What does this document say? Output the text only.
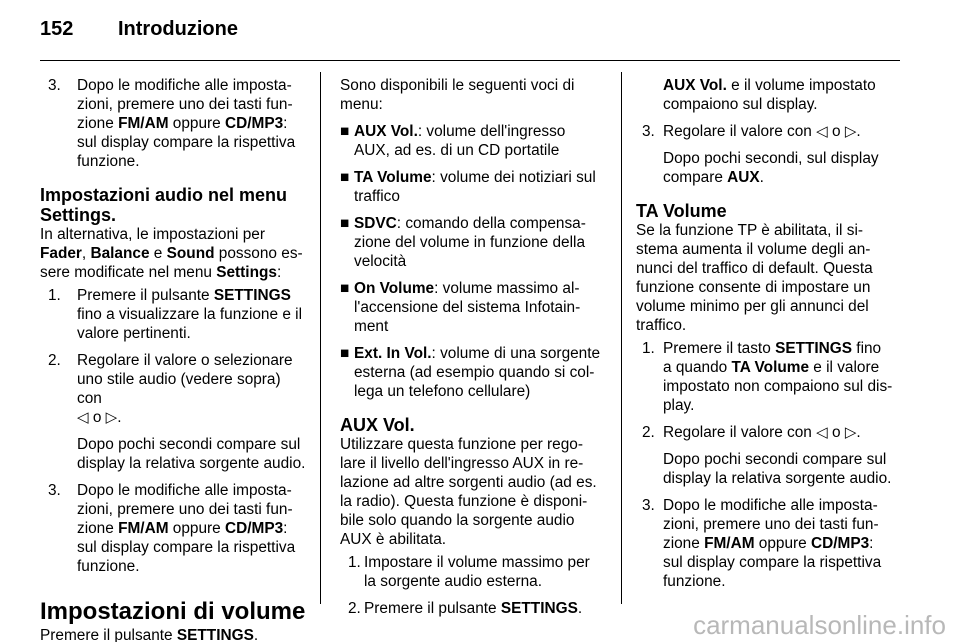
152 Introduzione
3. Dopo le modifiche alle imposta-

zioni, premere uno dei tasti fun-

zione FM/AM oppure CD/MP3:

sul display compare la rispettiva

funzione.

Impostazioni audio nel menu
Settings.

In alternativa, le impostazioni per

Fader, Balance e Sound possono es-

sere modificate nel menu Settings:

1. Premere il pulsante SETTINGS

fino a visualizzare la funzione e il

valore pertinenti.

2. Regolare il valore o selezionare

uno stile audio (vedere sopra) con

◁ o ▷.

Dopo pochi secondi compare sul

display la relativa sorgente audio.

3. Dopo le modifiche alle imposta-

zioni, premere uno dei tasti fun-

zione FM/AM oppure CD/MP3:

sul display compare la rispettiva

funzione.

Impostazioni di volume

Premere il pulsante SETTINGS.

Sono disponibili le seguenti voci di

menu:

■ AUX Vol.: volume dell'ingresso

AUX, ad es. di un CD portatile

■ TA Volume: volume dei notiziari sul

traffico

■ SDVC: comando della compensa-

zione del volume in funzione della

velocità

■ On Volume: volume massimo al-

l'accensione del sistema Infotain-

ment

■ Ext. In Vol.: volume di una sorgente

esterna (ad esempio quando si col-

lega un telefono cellulare)

AUX Vol.

Utilizzare questa funzione per rego-

lare il livello dell'ingresso AUX in re-

lazione ad altre sorgenti audio (ad es.

la radio). Questa funzione è disponi-

bile solo quando la sorgente audio

AUX è abilitata.

1. Impostare il volume massimo per

la sorgente audio esterna.

2. Premere il pulsante SETTINGS.

AUX Vol. e il volume impostato

compaiono sul display.

3. Regolare il valore con ◁ o ▷.

Dopo pochi secondi, sul display

compare AUX.

TA Volume

Se la funzione TP è abilitata, il si-

stema aumenta il volume degli an-

nunci del traffico di default. Questa

funzione consente di impostare un

volume minimo per gli annunci del

traffico.

1. Premere il tasto SETTINGS fino

a quando TA Volume e il valore

impostato non compaiono sul dis-

play.

2. Regolare il valore con ◁ o ▷.

Dopo pochi secondi compare sul

display la relativa sorgente audio.

3. Dopo le modifiche alle imposta-

zioni, premere uno dei tasti fun-

zione FM/AM oppure CD/MP3:

sul display compare la rispettiva

funzione.

carmanualsonline.info
